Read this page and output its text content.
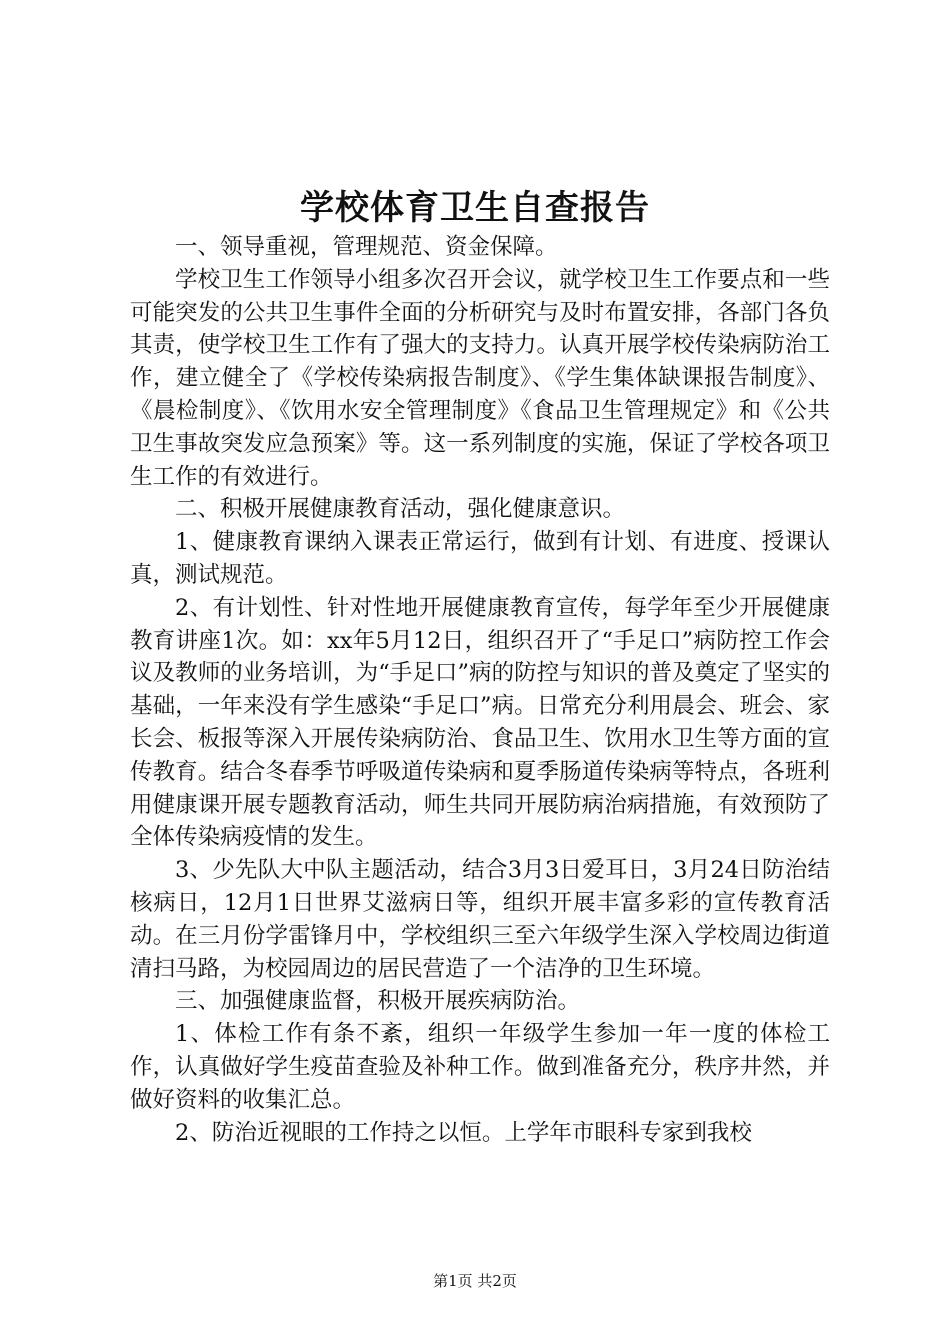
学校体育卫生自查报告

一、领导重视，管理规范、资金保障。

学校卫生工作领导小组多次召开会议，就学校卫生工作要点和一些可能突发的公共卫生事件全面的分析研究与及时布置安排，各部门各负其责，使学校卫生工作有了强大的支持力。认真开展学校传染病防治工作，建立健全了《学校传染病报告制度》、《学生集体缺课报告制度》、《晨检制度》、《饮用水安全管理制度》《食品卫生管理规定》和《公共卫生事故突发应急预案》等。这一系列制度的实施，保证了学校各项卫生工作的有效进行。

二、积极开展健康教育活动，强化健康意识。

1、健康教育课纳入课表正常运行，做到有计划、有进度、授课认真，测试规范。

2、有计划性、针对性地开展健康教育宣传，每学年至少开展健康教育讲座1次。如：xx年5月12日，组织召开了“手足口”病防控工作会议及教师的业务培训，为“手足口”病的防控与知识的普及奠定了坚实的基础，一年来没有学生感染“手足口”病。日常充分利用晨会、班会、家长会、板报等深入开展传染病防治、食品卫生、饮用水卫生等方面的宣传教育。结合冬春季节呼吸道传染病和夏季肠道传染病等特点，各班利用健康课开展专题教育活动，师生共同开展防病治病措施，有效预防了全体传染病疫情的发生。

3、少先队大中队主题活动，结合3月3日爱耳日，3月24日防治结核病日，12月1日世界艾滋病日等，组织开展丰富多彩的宣传教育活动。在三月份学雷锋月中，学校组织三至六年级学生深入学校周边街道清扫马路，为校园周边的居民营造了一个洁净的卫生环境。

三、加强健康监督，积极开展疾病防治。

1、体检工作有条不紊，组织一年级学生参加一年一度的体检工作，认真做好学生疫苗查验及补种工作。做到准备充分，秩序井然，并做好资料的收集汇总。

2、防治近视眼的工作持之以恒。上学年市眼科专家到我校

第1页 共2页
